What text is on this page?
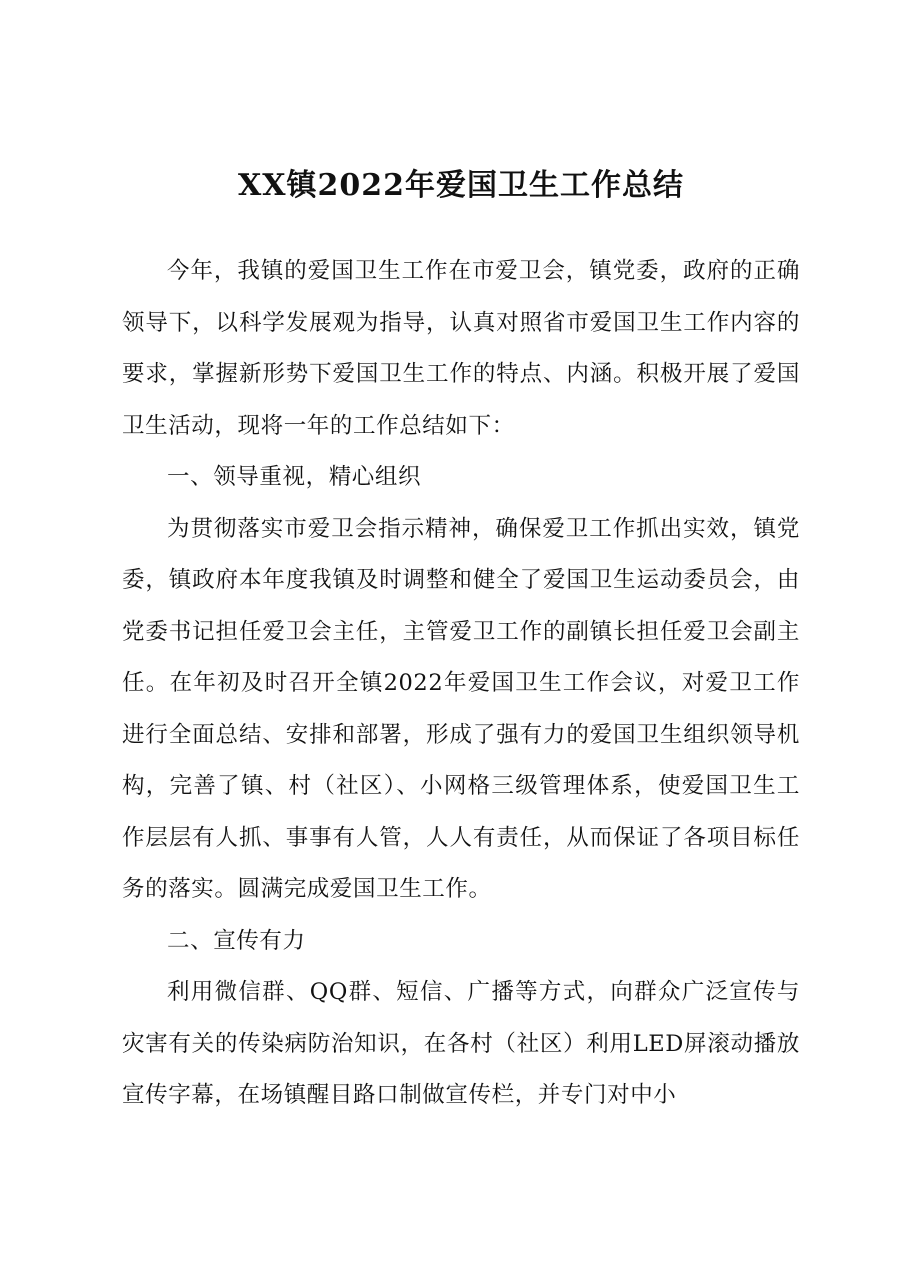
XX镇2022年爱国卫生工作总结

今年，我镇的爱国卫生工作在市爱卫会，镇党委，政府的正确领导下，以科学发展观为指导，认真对照省市爱国卫生工作内容的要求，掌握新形势下爱国卫生工作的特点、内涵。积极开展了爱国卫生活动，现将一年的工作总结如下：

一、领导重视，精心组织

为贯彻落实市爱卫会指示精神，确保爱卫工作抓出实效，镇党委，镇政府本年度我镇及时调整和健全了爱国卫生运动委员会，由党委书记担任爱卫会主任，主管爱卫工作的副镇长担任爱卫会副主任。在年初及时召开全镇2022年爱国卫生工作会议，对爱卫工作进行全面总结、安排和部署，形成了强有力的爱国卫生组织领导机构，完善了镇、村（社区）、小网格三级管理体系，使爱国卫生工作层层有人抓、事事有人管，人人有责任，从而保证了各项目标任务的落实。圆满完成爱国卫生工作。

二、宣传有力

利用微信群、QQ群、短信、广播等方式，向群众广泛宣传与灾害有关的传染病防治知识，在各村（社区）利用LED屏滚动播放宣传字幕，在场镇醒目路口制做宣传栏，并专门对中小
